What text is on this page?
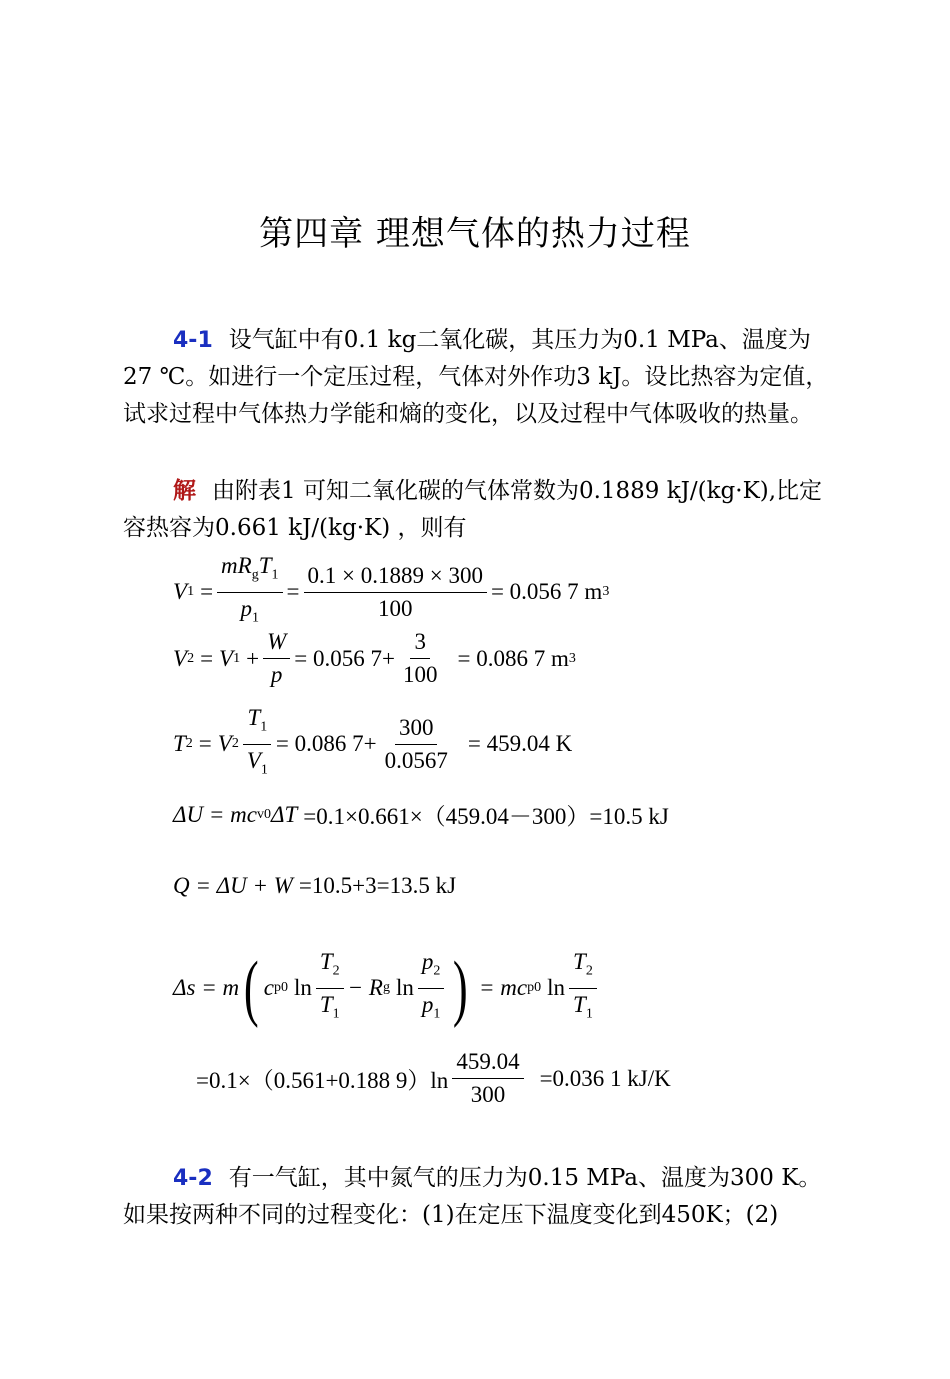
第四章 理想气体的热力过程

4-1 设气缸中有0.1 kg二氧化碳，其压力为0.1 MPa、温度为27 ℃。如进行一个定压过程，气体对外作功3 kJ。设比热容为定值，试求过程中气体热力学能和熵的变化，以及过程中气体吸收的热量。

解 由附表1 可知二氧化碳的气体常数为0.1889 kJ/(kg·K),比定容热容为0.661 kJ/(kg·K) ，则有

V $1 = \frac{mR_gT_1}{p_1} = \frac{0.1 \times 0.1889 \times 300}{100} = 0.056$ 7 m 3
V 2 = V $1 + \frac{W}{p} = 0.056$ $7+ \frac{3}{100} = 0.086$ 7 m 3
T 2 = V $2 \frac{T_1}{V_1} = 0.086$ $7+ \frac{300}{0.0567} = 459.04$ K
ΔU = mc v0 ΔT =0.1×0.661×（459.04－300）=10.5 kJ
Q = ΔU + W =10.5+3=13.5 kJ
Δs = m ( c p0 $\ln \frac{T_2}{T_1} - R$ g $\ln \frac{p_2}{p_1}$ ) = mc p0 $\ln \frac{T_2}{T_1}$
=0.1×（0.561+0.188 $9)\ln \frac{459.04}{300} =0.036$ 1 kJ/K

4-2 有一气缸，其中氮气的压力为0.15 MPa、温度为300 K。如果按两种不同的过程变化：(1)在定压下温度变化到450K；(2)
